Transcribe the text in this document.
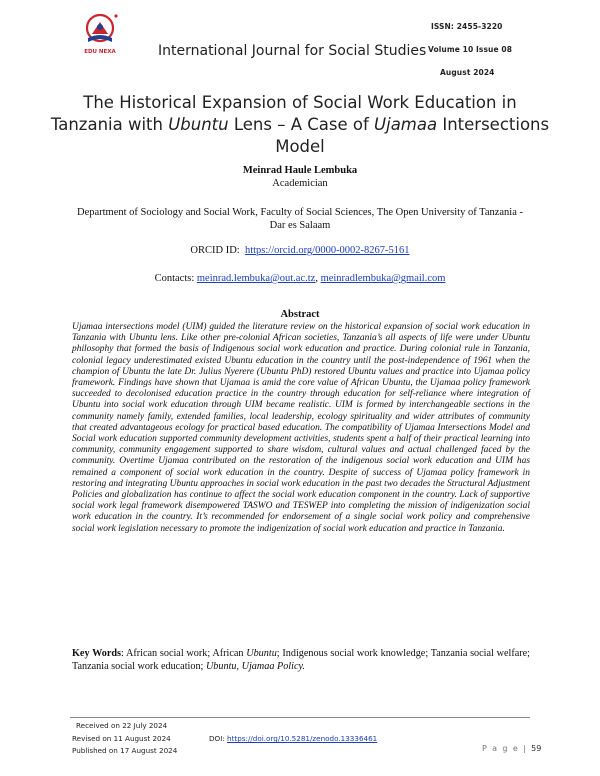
EDU NEXA	International Journal for Social Studies
ISSN: 2455-3220
Volume 10 Issue 08
August 2024
The Historical Expansion of Social Work Education in Tanzania with Ubuntu Lens – A Case of Ujamaa Intersections Model
Meinrad Haule Lembuka
Academician
Department of Sociology and Social Work, Faculty of Social Sciences, The Open University of Tanzania - Dar es Salaam
ORCID ID: https://orcid.org/0000-0002-8267-5161
Contacts: meinrad.lembuka@out.ac.tz, meinradlembuka@gmail.com
Abstract
Ujamaa intersections model (UIM) guided the literature review on the historical expansion of social work education in Tanzania with Ubuntu lens. Like other pre-colonial African societies, Tanzania’s all aspects of life were under Ubuntu philosophy that formed the basis of Indigenous social work education and practice. During colonial rule in Tanzania, colonial legacy underestimated existed Ubuntu education in the country until the post-independence of 1961 when the champion of Ubuntu the late Dr. Julius Nyerere (Ubuntu PhD) restored Ubuntu values and practice into Ujamaa policy framework. Findings have shown that Ujamaa is amid the core value of African Ubuntu, the Ujamaa policy framework succeeded to decolonised education practice in the country through education for self-reliance where integration of Ubuntu into social work education through UIM became realistic. UIM is formed by interchangeable sections in the community namely family, extended families, local leadership, ecology spirituality and wider attributes of community that created advantageous ecology for practical based education. The compatibility of Ujamaa Intersections Model and Social work education supported community development activities, students spent a half of their practical learning into community, community engagement supported to share wisdom, cultural values and actual challenged faced by the community. Overtime Ujamaa contributed on the restoration of the indigenous social work education and UIM has remained a component of social work education in the country. Despite of success of Ujamaa policy framework in restoring and integrating Ubuntu approaches in social work education in the past two decades the Structural Adjustment Policies and globalization has continue to affect the social work education component in the country. Lack of supportive social work legal framework disempowered TASWO and TESWEP into completing the mission of indigenization social work education in the country. It’s recommended for endorsement of a single social work policy and comprehensive social work legislation necessary to promote the indigenization of social work education and practice in Tanzania.
Key Words: African social work; African Ubuntu; Indigenous social work knowledge; Tanzania social welfare; Tanzania social work education; Ubuntu, Ujamaa Policy.
Received on 22 July 2024
Revised on 11 August 2024
Published on 17 August 2024
DOI: https://doi.org/10.5281/zenodo.13336461
P a g e | 59
